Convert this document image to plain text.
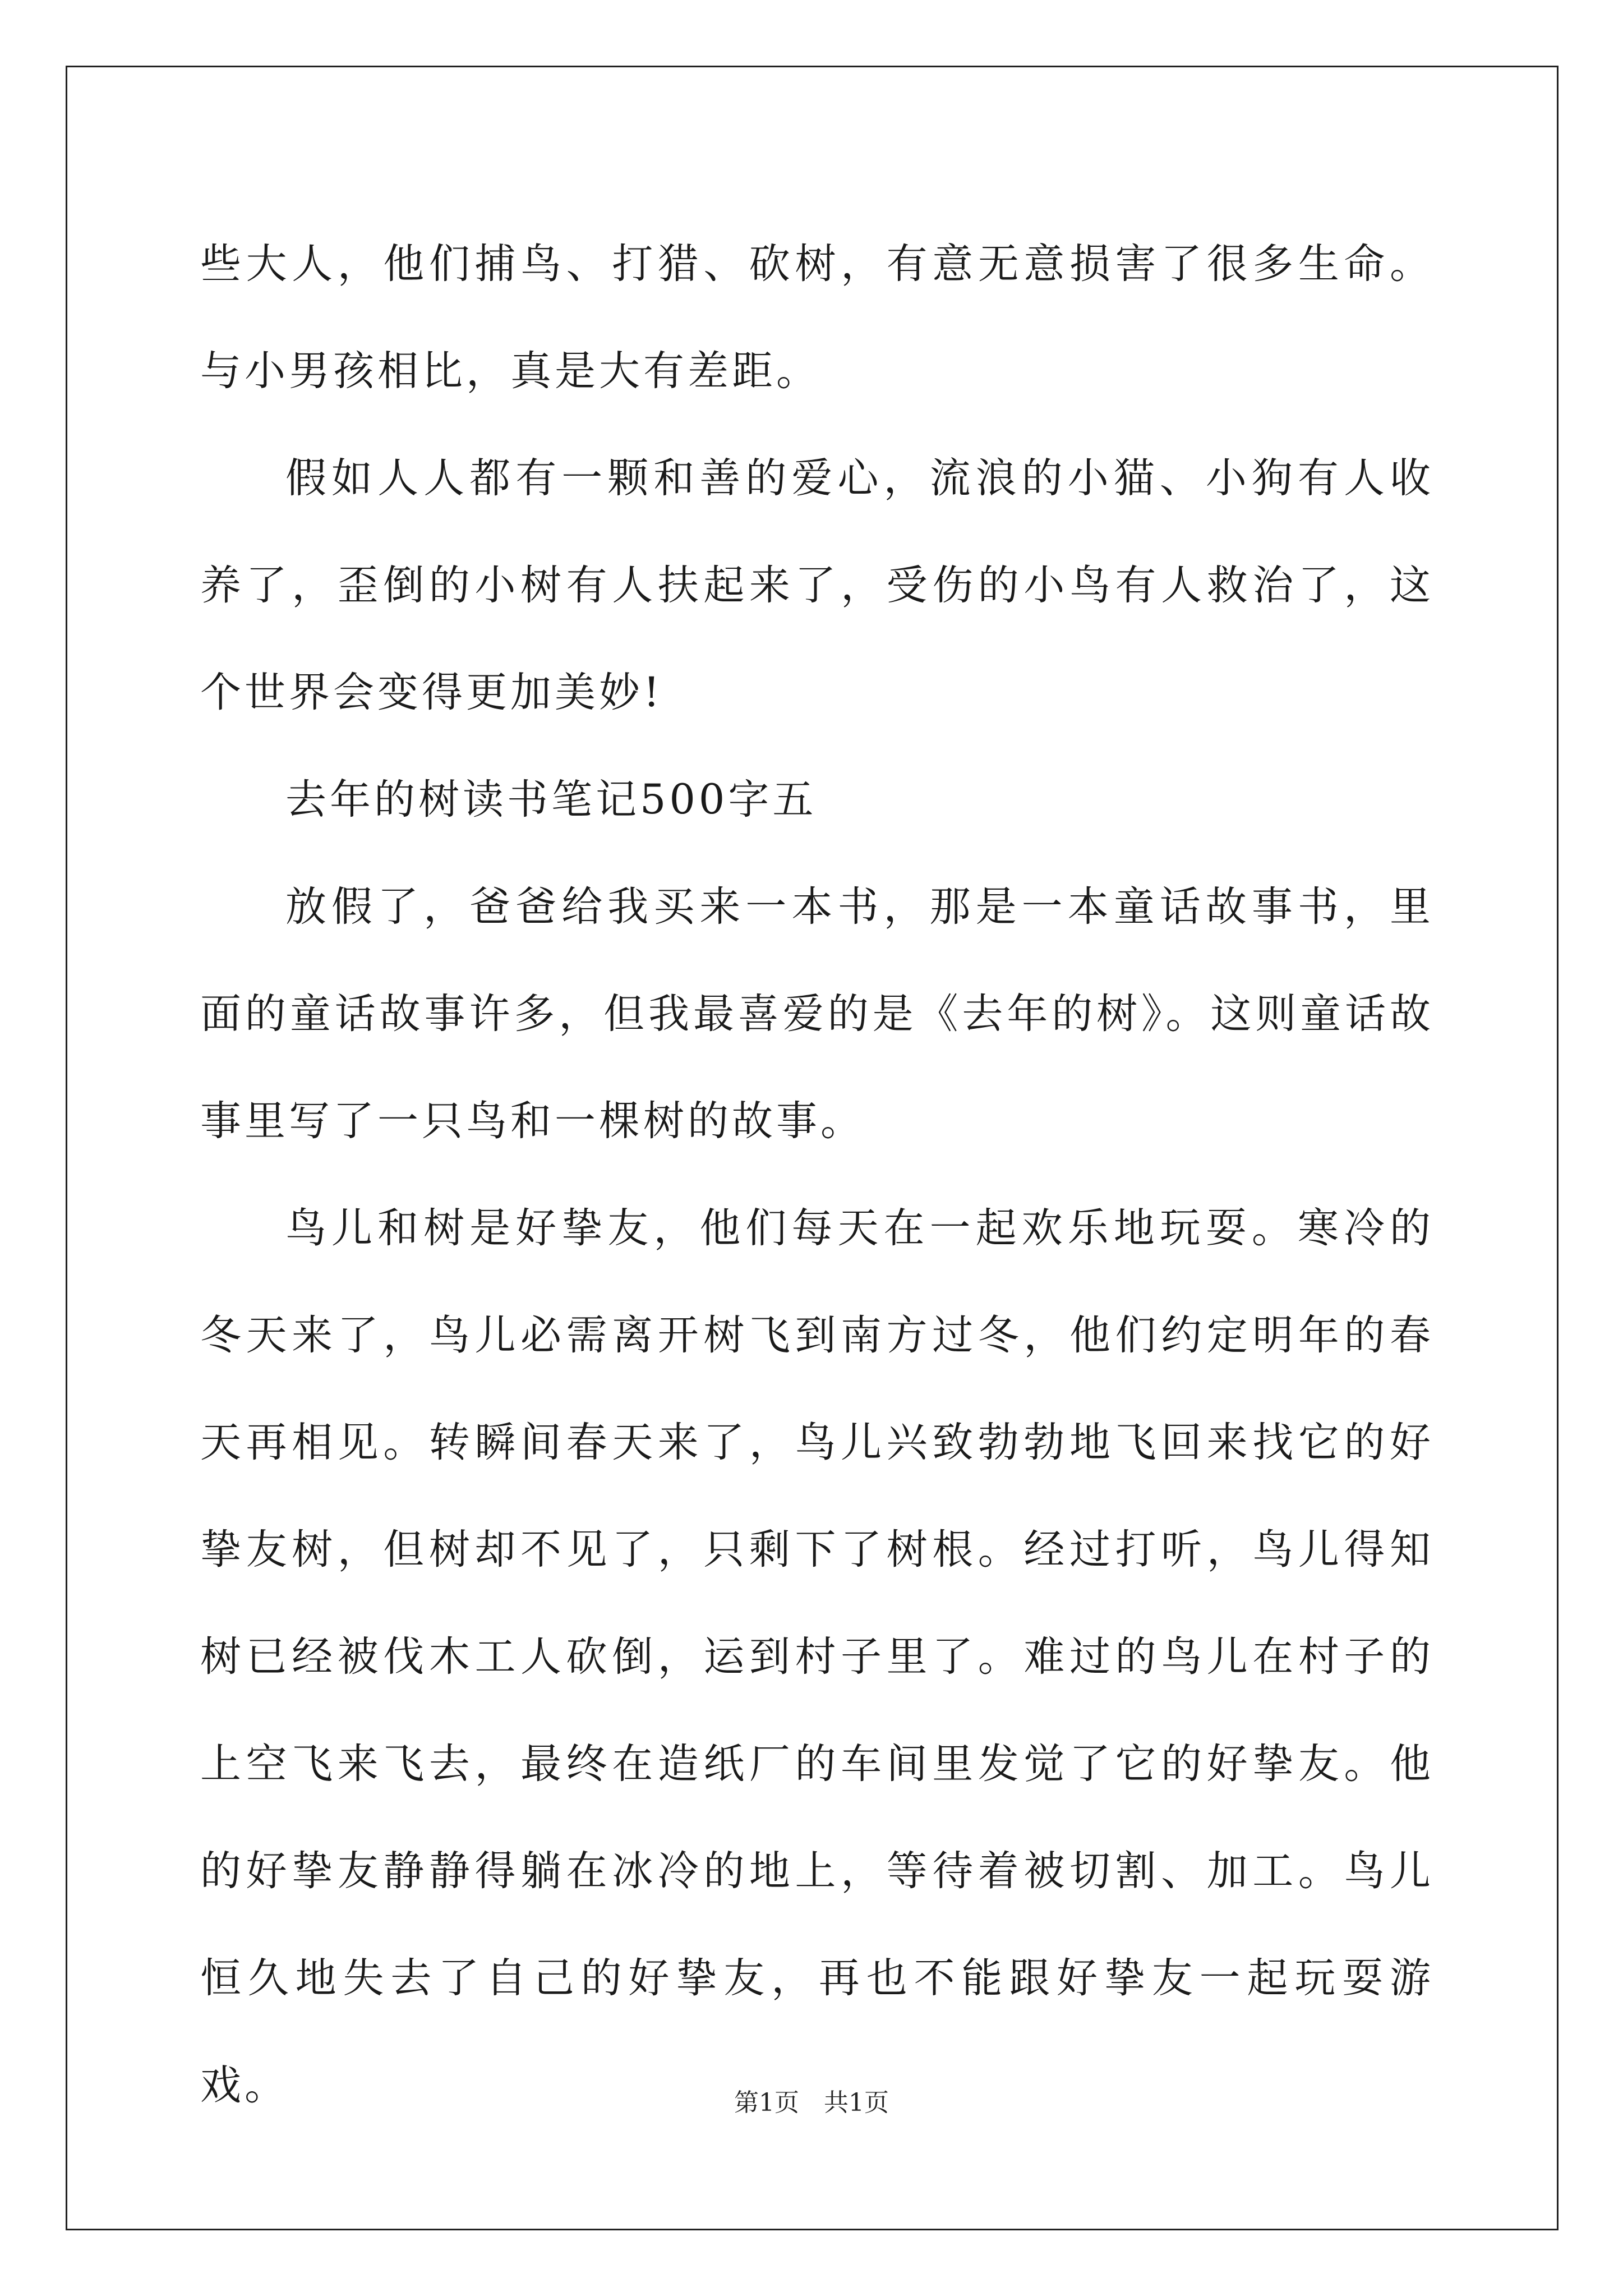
些大人，他们捕鸟、打猎、砍树，有意无意损害了很多生命。与小男孩相比，真是大有差距。

假如人人都有一颗和善的爱心，流浪的小猫、小狗有人收养了，歪倒的小树有人扶起来了，受伤的小鸟有人救治了，这个世界会变得更加美妙!

去年的树读书笔记500字五

放假了，爸爸给我买来一本书，那是一本童话故事书，里面的童话故事许多，但我最喜爱的是《去年的树》。这则童话故事里写了一只鸟和一棵树的故事。

鸟儿和树是好挚友，他们每天在一起欢乐地玩耍。寒冷的冬天来了，鸟儿必需离开树飞到南方过冬，他们约定明年的春天再相见。转瞬间春天来了，鸟儿兴致勃勃地飞回来找它的好挚友树，但树却不见了，只剩下了树根。经过打听，鸟儿得知树已经被伐木工人砍倒，运到村子里了。难过的鸟儿在村子的上空飞来飞去，最终在造纸厂的车间里发觉了它的好挚友。他的好挚友静静得躺在冰冷的地上，等待着被切割、加工。鸟儿恒久地失去了自己的好挚友，再也不能跟好挚友一起玩耍游戏。	第1页 共1页
